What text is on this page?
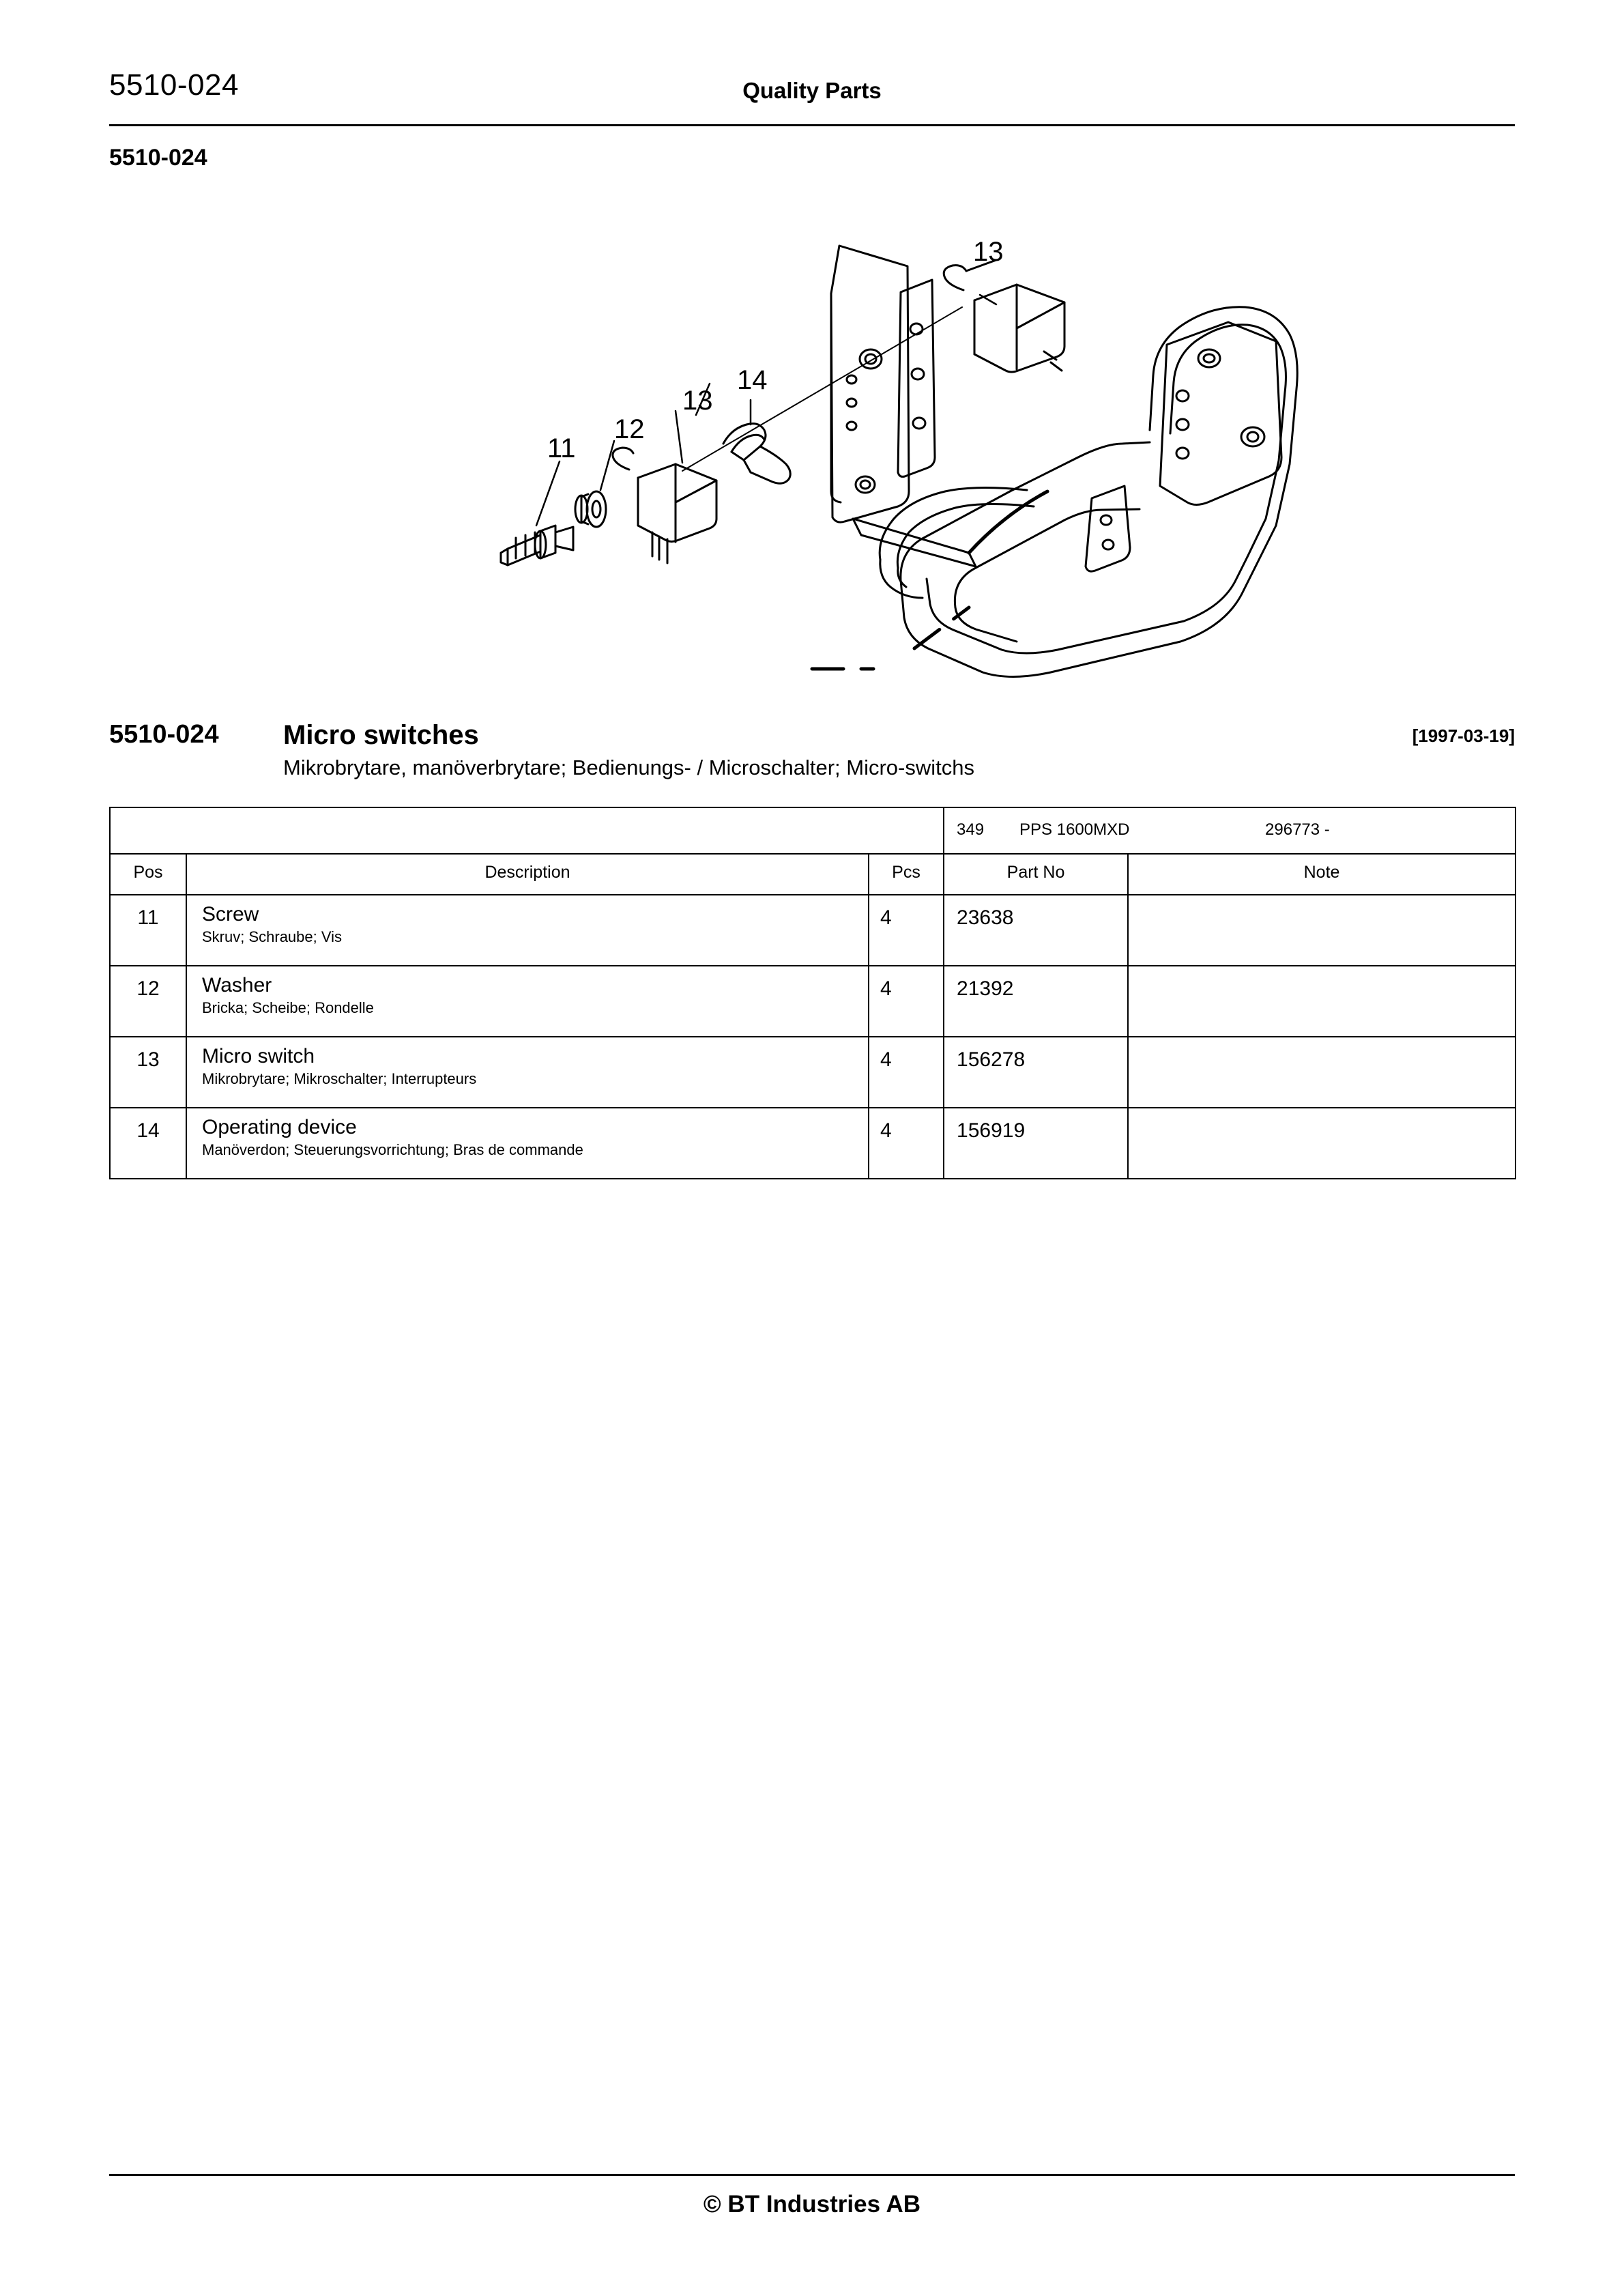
5510-024	Quality Parts
5510-024
13
14
13
12
11
5510-024 Micro switches	[1997-03-19]
Mikrobrytare, manöverbrytare; Bedienungs- / Microschalter; Micro-switchs

			349 PPS 1600MXD 296773 -	

Pos	Description	Pcs	Part No	Note

11	Screw
Skruv; Schraube; Vis	4	23638	
12	Washer
Bricka; Scheibe; Rondelle	4	21392	
13	Micro switch
Mikrobrytare; Mikroschalter; Interrupteurs	4	156278	
14	Operating device
Manöverdon; Steuerungsvorrichtung; Bras de commande	4	156919	
© BT Industries AB
